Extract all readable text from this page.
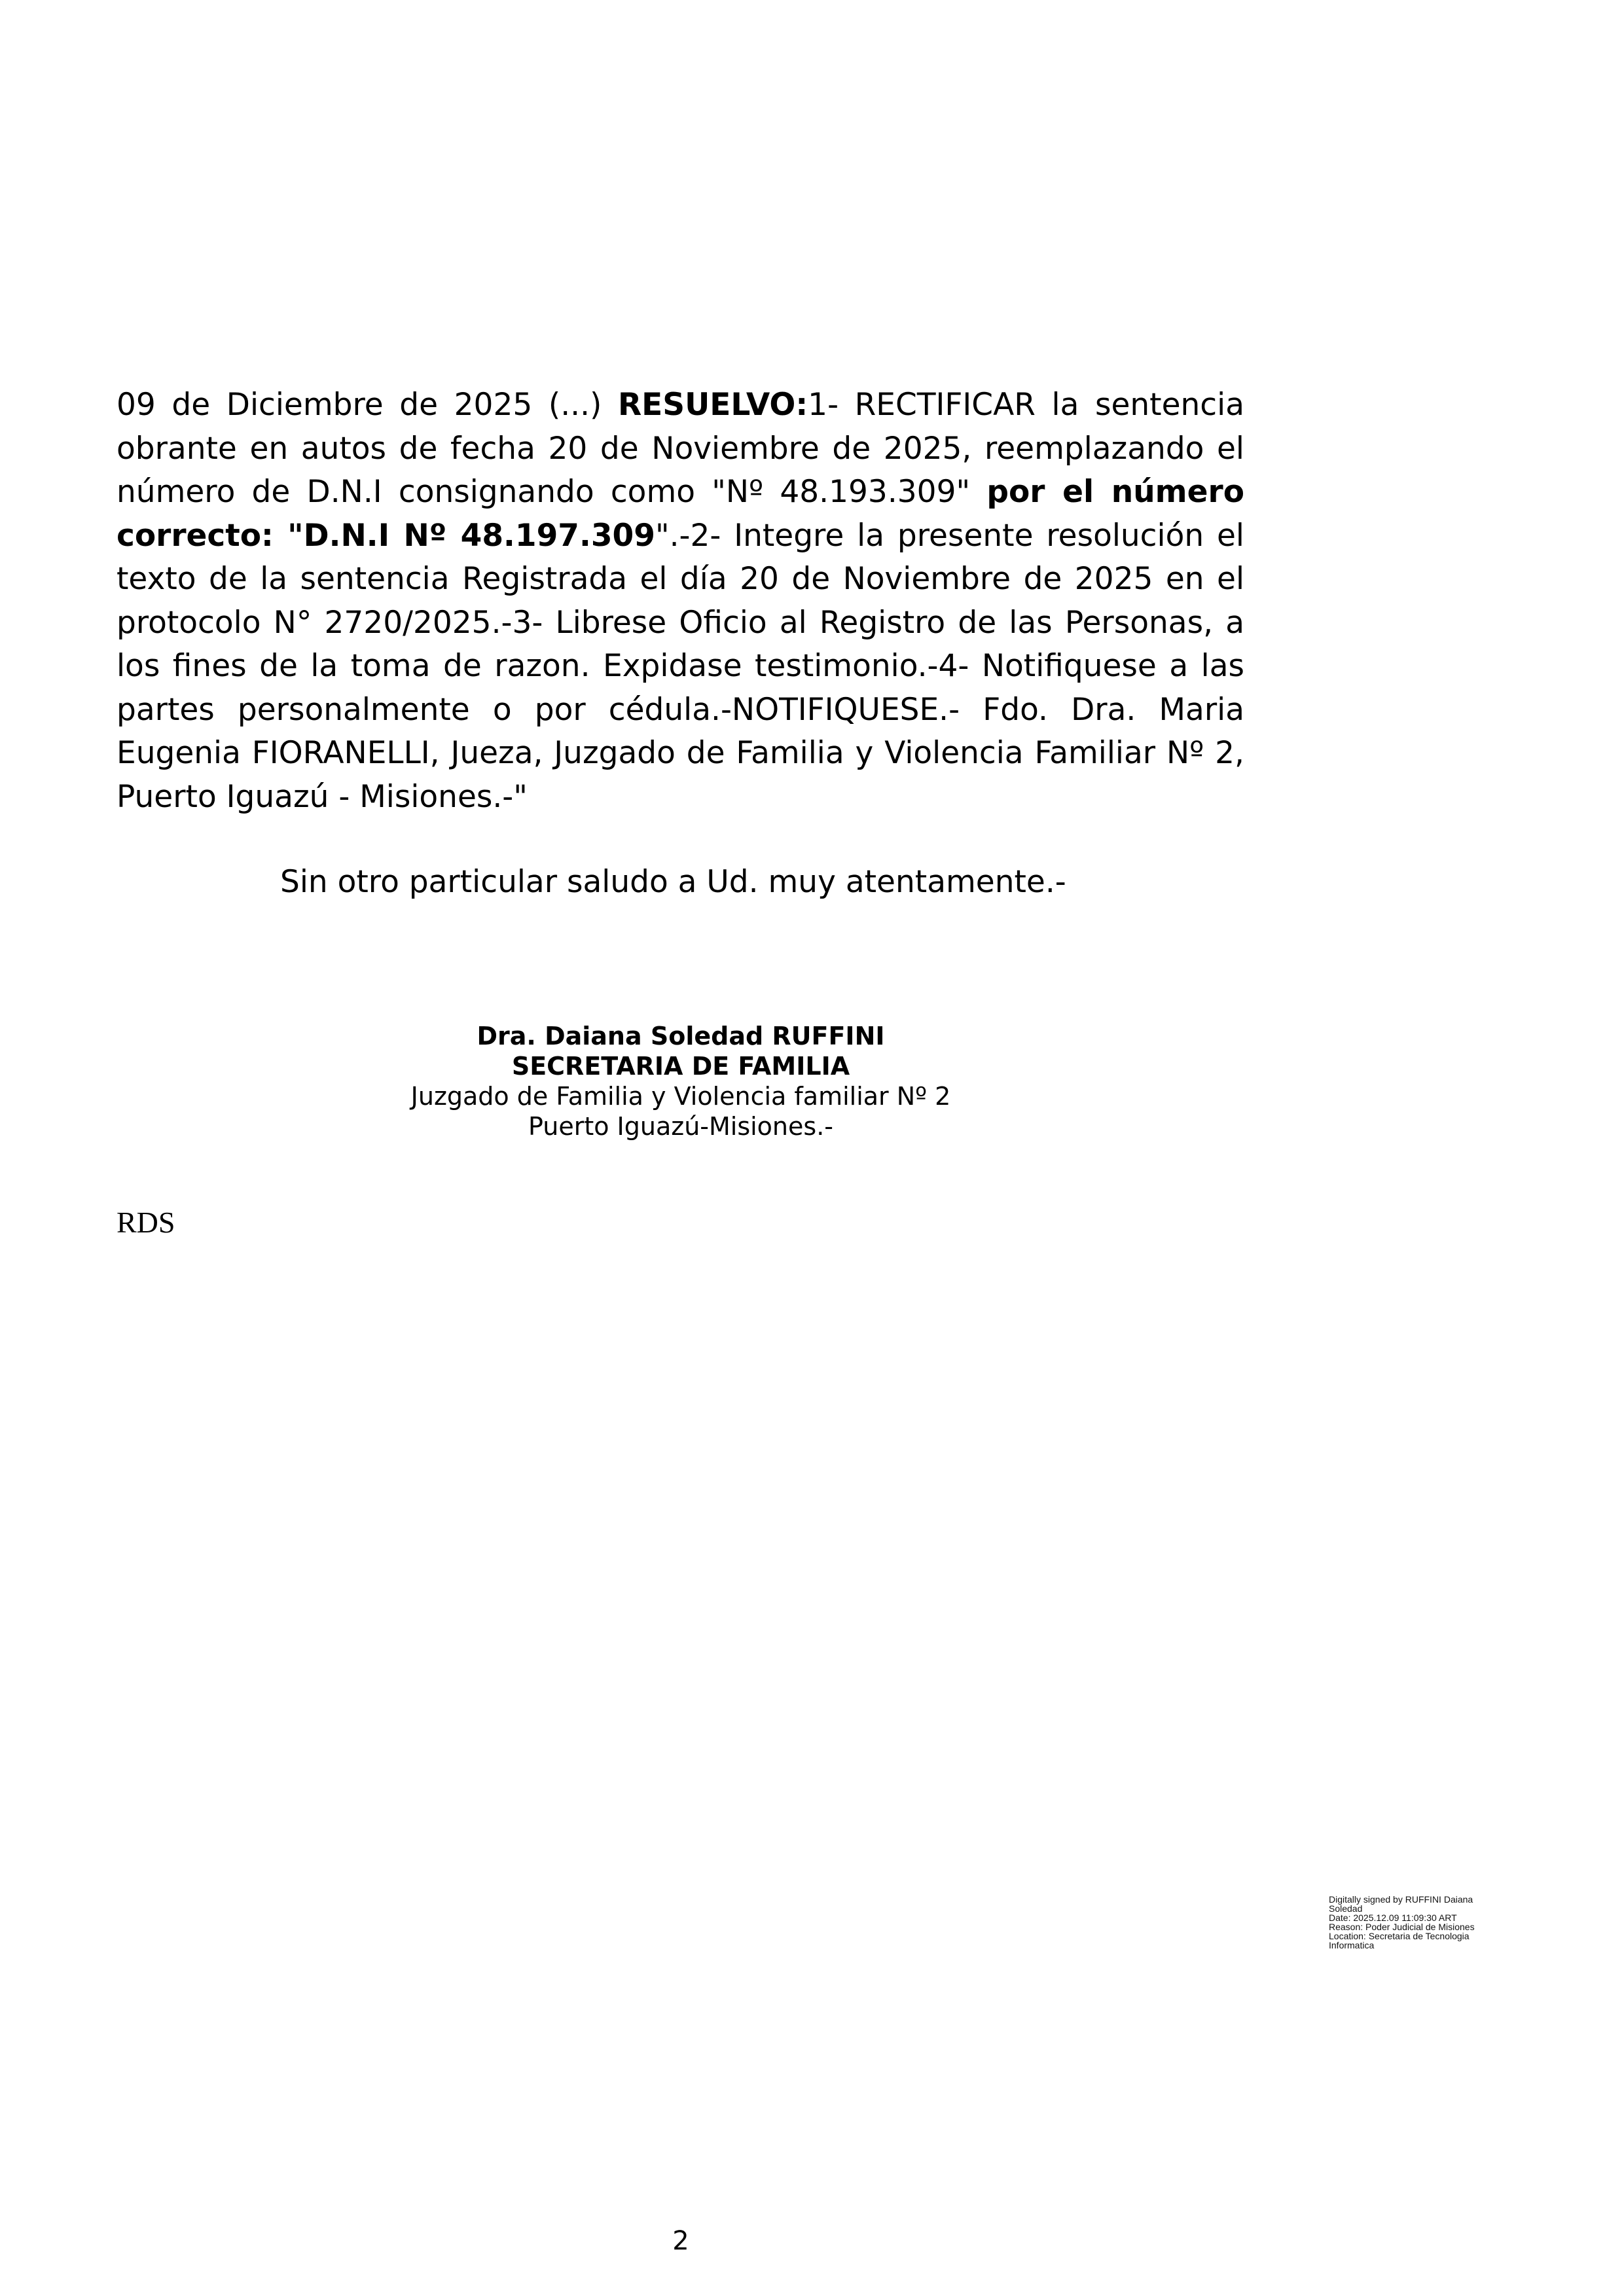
09 de Diciembre de 2025 (...) RESUELVO:1- RECTIFICAR la sentencia obrante en autos de fecha 20 de Noviembre de 2025, reemplazando el número de D.N.I consignando como "Nº 48.193.309" por el número correcto: "D.N.I Nº 48.197.309".-2- Integre la presente resolución el texto de la sentencia Registrada el día 20 de Noviembre de 2025 en el protocolo N° 2720/2025.-3- Librese Oficio al Registro de las Personas, a los fines de la toma de razon. Expidase testimonio.-4- Notifiquese a las partes personalmente o por cédula.-NOTIFIQUESE.- Fdo. Dra. Maria Eugenia FIORANELLI, Jueza, Juzgado de Familia y Violencia Familiar Nº 2, Puerto Iguazú - Misiones.-"

Sin otro particular saludo a Ud. muy atentamente.-

Dra. Daiana Soledad RUFFINI
SECRETARIA DE FAMILIA
Juzgado de Familia y Violencia familiar Nº 2
Puerto Iguazú-Misiones.-
RDS
Digitally signed by RUFFINI Daiana
Soledad
Date: 2025.12.09 11:09:30 ART
Reason: Poder Judicial de Misiones
Location: Secretaria de Tecnologia
Informatica
2
